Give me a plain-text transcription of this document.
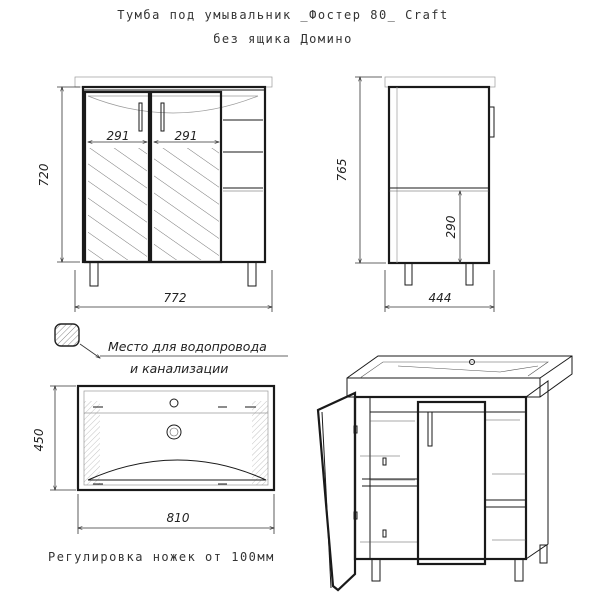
Тумба под умывальник _Фостер 80_ Craft
без ящика Домино
291	291
720
772
290
765
444
Место для водопровода
и канализации
450
810
Регулировка ножек от 100мм
